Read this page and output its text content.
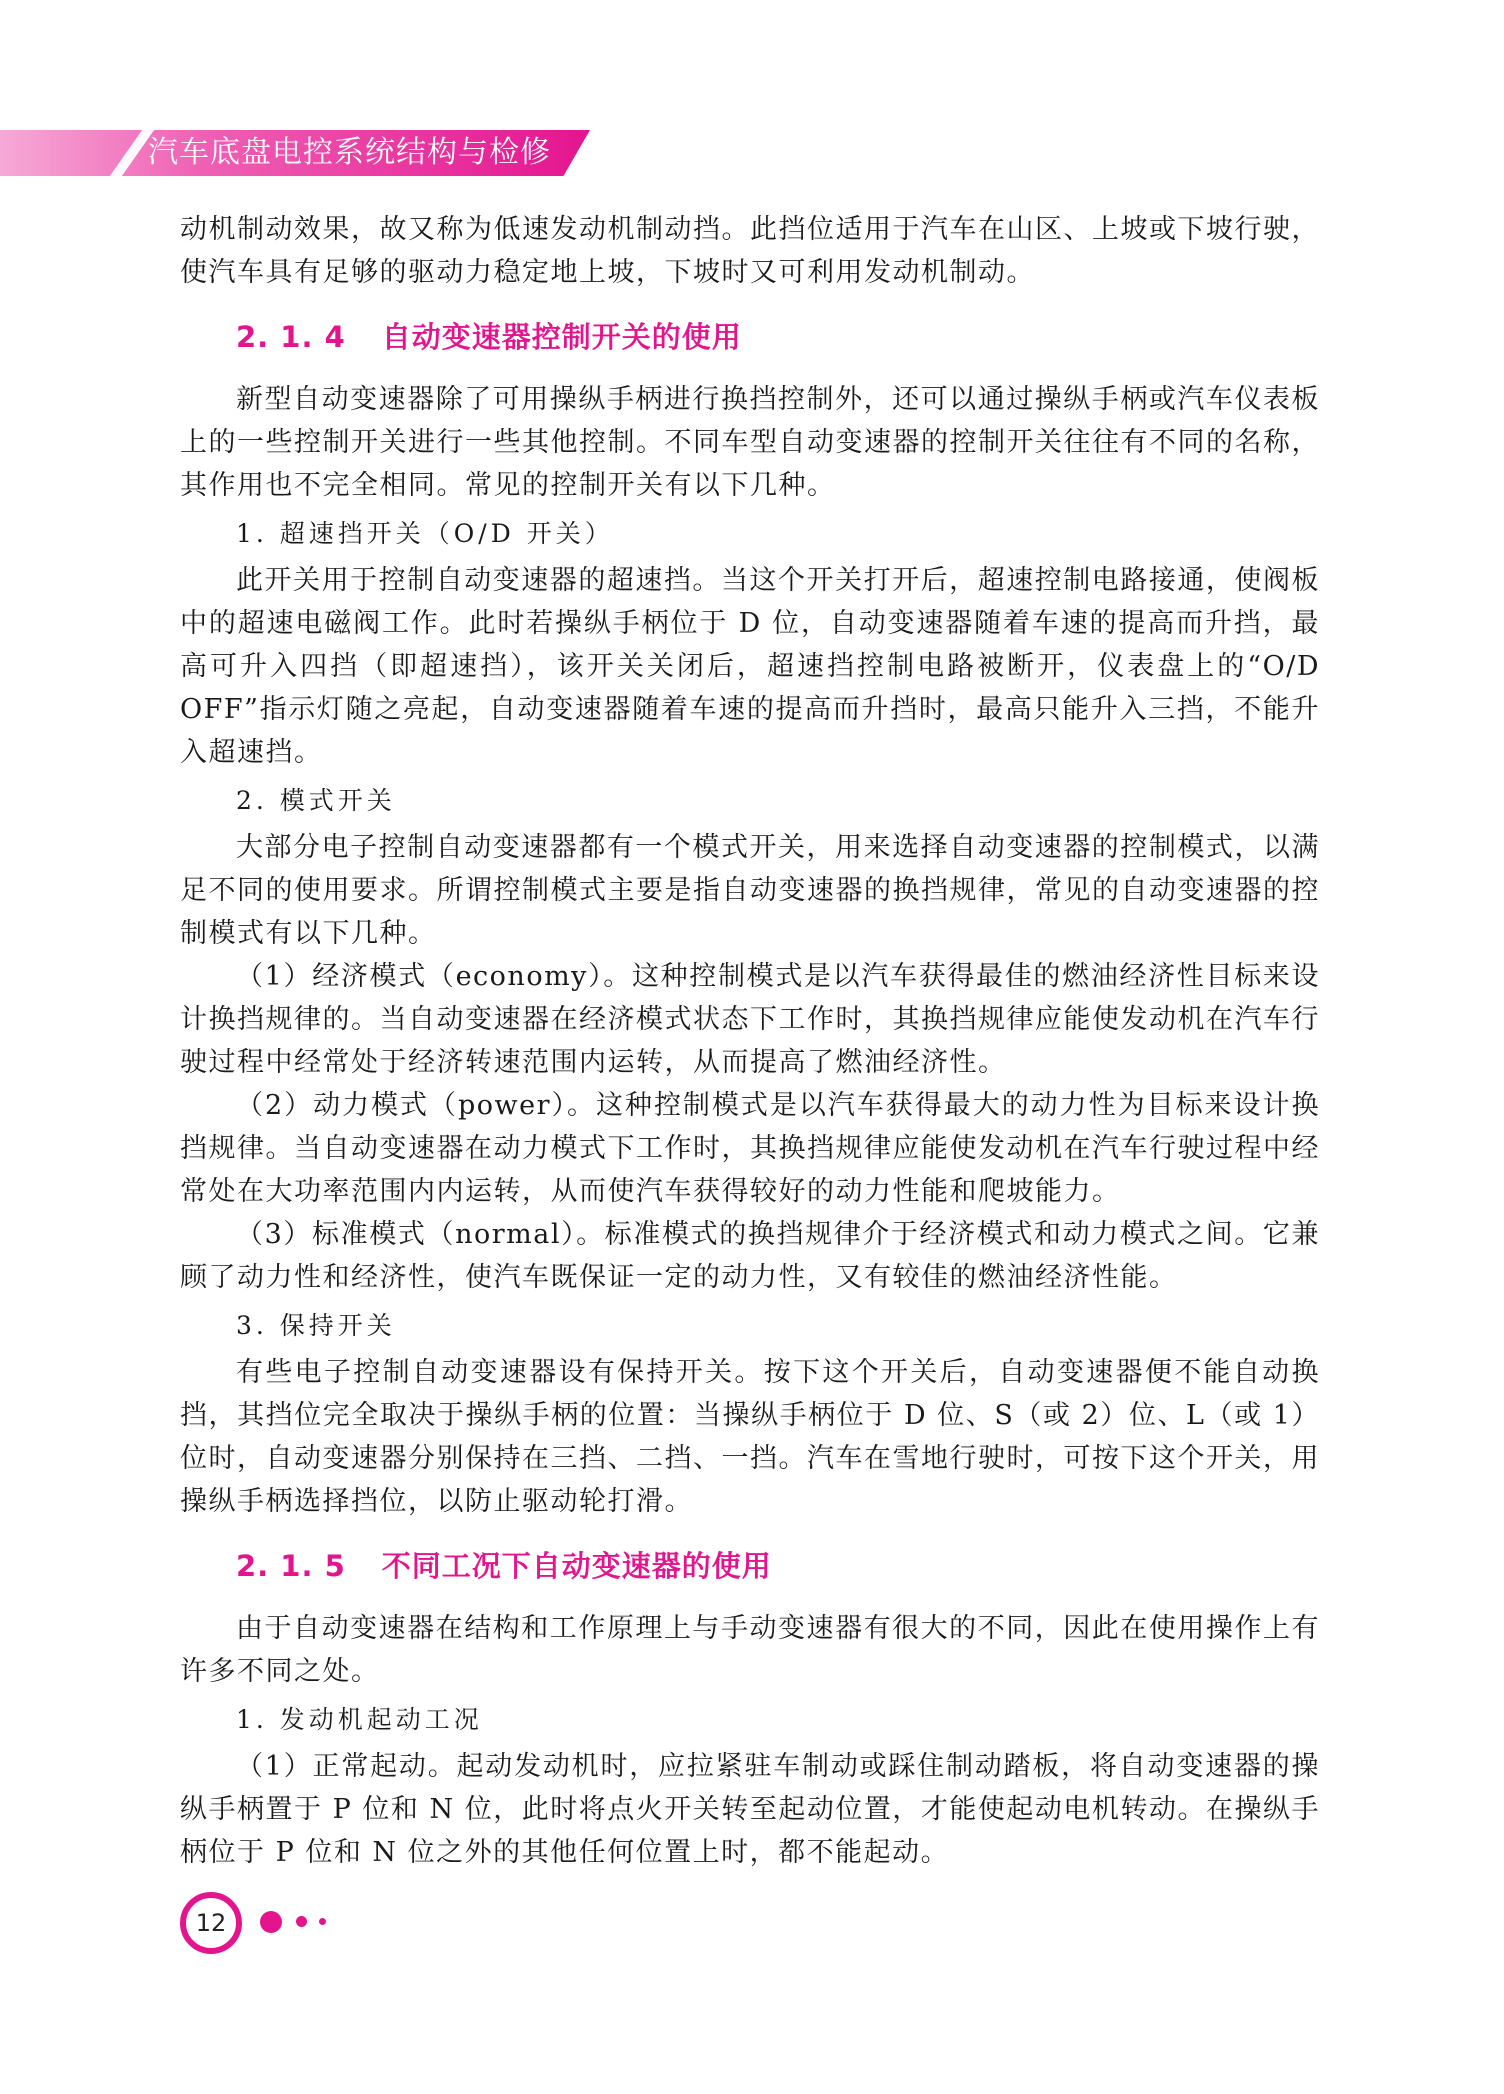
汽车底盘电控系统结构与检修

动机制动效果，故又称为低速发动机制动挡。此挡位适用于汽车在山区、上坡或下坡行驶，使汽车具有足够的驱动力稳定地上坡，下坡时又可利用发动机制动。

2. 1. 4 自动变速器控制开关的使用

新型自动变速器除了可用操纵手柄进行换挡控制外，还可以通过操纵手柄或汽车仪表板上的一些控制开关进行一些其他控制。不同车型自动变速器的控制开关往往有不同的名称，其作用也不完全相同。常见的控制开关有以下几种。

1. 超速挡开关（O/D 开关）

此开关用于控制自动变速器的超速挡。当这个开关打开后，超速控制电路接通，使阀板中的超速电磁阀工作。此时若操纵手柄位于 D 位，自动变速器随着车速的提高而升挡，最高可升入四挡（即超速挡），该开关关闭后，超速挡控制电路被断开，仪表盘上的“O/D OFF”指示灯随之亮起，自动变速器随着车速的提高而升挡时，最高只能升入三挡，不能升入超速挡。

2. 模式开关

大部分电子控制自动变速器都有一个模式开关，用来选择自动变速器的控制模式，以满足不同的使用要求。所谓控制模式主要是指自动变速器的换挡规律，常见的自动变速器的控制模式有以下几种。

（1）经济模式（economy）。这种控制模式是以汽车获得最佳的燃油经济性目标来设计换挡规律的。当自动变速器在经济模式状态下工作时，其换挡规律应能使发动机在汽车行驶过程中经常处于经济转速范围内运转，从而提高了燃油经济性。

（2）动力模式（power）。这种控制模式是以汽车获得最大的动力性为目标来设计换挡规律。当自动变速器在动力模式下工作时，其换挡规律应能使发动机在汽车行驶过程中经常处在大功率范围内内运转，从而使汽车获得较好的动力性能和爬坡能力。

（3）标准模式（normal）。标准模式的换挡规律介于经济模式和动力模式之间。它兼顾了动力性和经济性，使汽车既保证一定的动力性，又有较佳的燃油经济性能。

3. 保持开关

有些电子控制自动变速器设有保持开关。按下这个开关后，自动变速器便不能自动换挡，其挡位完全取决于操纵手柄的位置：当操纵手柄位于 D 位、S（或 2）位、L（或 1）位时，自动变速器分别保持在三挡、二挡、一挡。汽车在雪地行驶时，可按下这个开关，用操纵手柄选择挡位，以防止驱动轮打滑。

2. 1. 5 不同工况下自动变速器的使用

由于自动变速器在结构和工作原理上与手动变速器有很大的不同，因此在使用操作上有许多不同之处。

1. 发动机起动工况

（1）正常起动。起动发动机时，应拉紧驻车制动或踩住制动踏板，将自动变速器的操纵手柄置于 P 位和 N 位，此时将点火开关转至起动位置，才能使起动电机转动。在操纵手柄位于 P 位和 N 位之外的其他任何位置上时，都不能起动。

12
